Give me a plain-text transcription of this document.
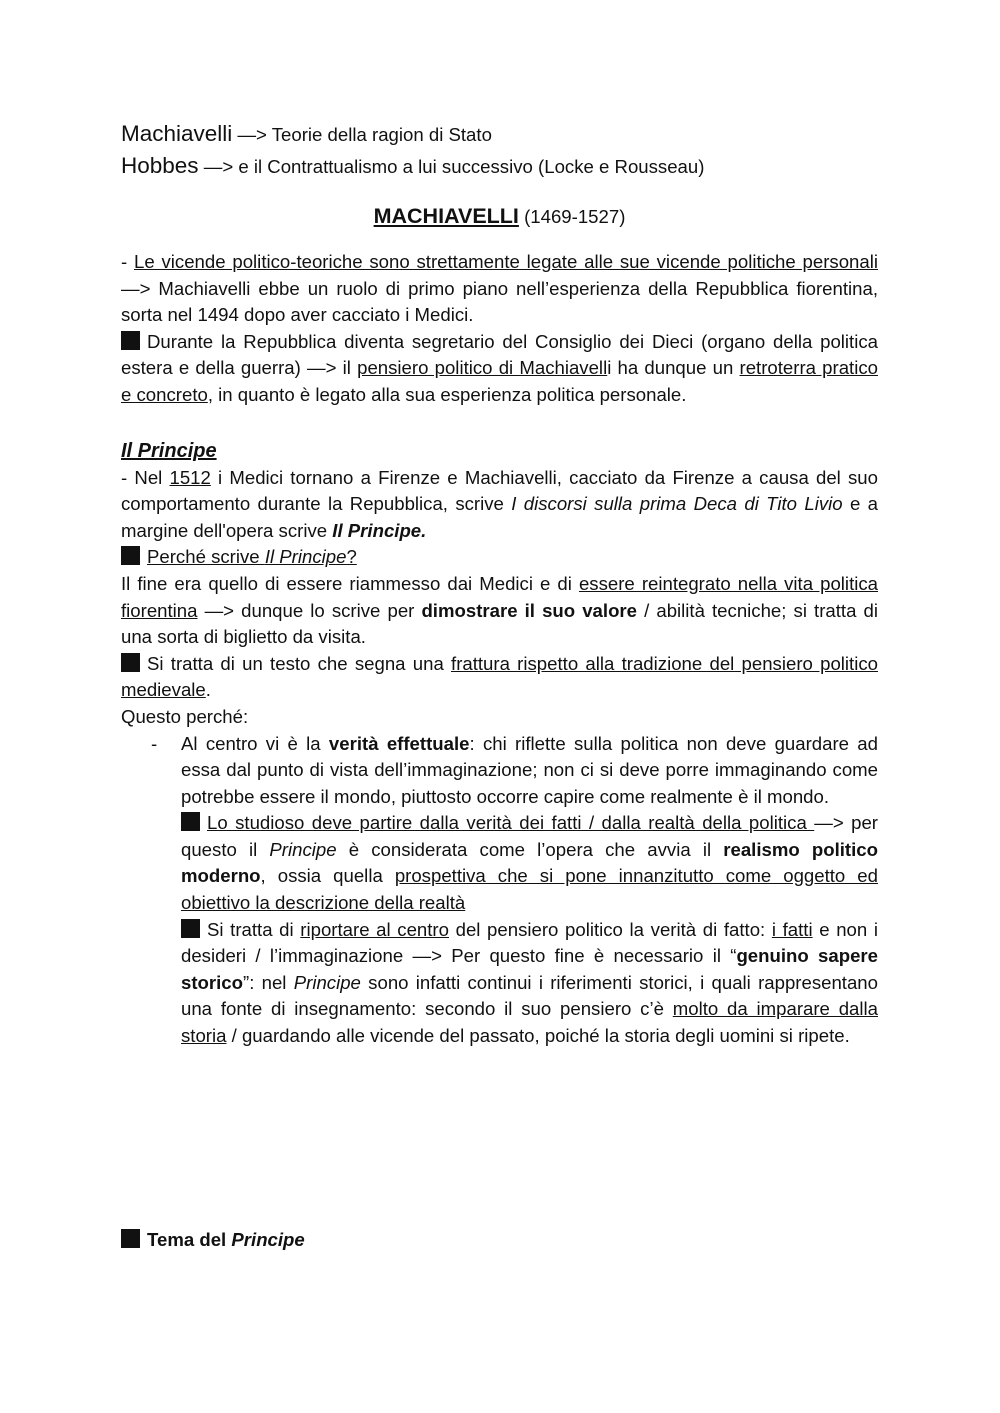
Machiavelli —> Teorie della ragion di Stato
Hobbes —> e il Contrattualismo a lui successivo (Locke e Rousseau)
MACHIAVELLI (1469-1527)

- Le vicende politico-teoriche sono strettamente legate alle sue vicende politiche personali —> Machiavelli ebbe un ruolo di primo piano nell’esperienza della Repubblica fiorentina, sorta nel 1494 dopo aver cacciato i Medici.

Durante la Repubblica diventa segretario del Consiglio dei Dieci (organo della politica estera e della guerra) —> il pensiero politico di Machiavelli ha dunque un retroterra pratico e concreto, in quanto è legato alla sua esperienza politica personale.

Il Principe

- Nel 1512 i Medici tornano a Firenze e Machiavelli, cacciato da Firenze a causa del suo comportamento durante la Repubblica, scrive I discorsi sulla prima Deca di Tito Livio e a margine dell'opera scrive Il Principe.

Perché scrive Il Principe?

Il fine era quello di essere riammesso dai Medici e di essere reintegrato nella vita politica fiorentina —> dunque lo scrive per dimostrare il suo valore / abilità tecniche; si tratta di una sorta di biglietto da visita.

Si tratta di un testo che segna una frattura rispetto alla tradizione del pensiero politico medievale.

Questo perché:

- Al centro vi è la verità effettuale: chi riflette sulla politica non deve guardare ad essa dal punto di vista dell’immaginazione; non ci si deve porre immaginando come potrebbe essere il mondo, piuttosto occorre capire come realmente è il mondo.

Lo studioso deve partire dalla verità dei fatti / dalla realtà della politica —> per questo il Principe è considerata come l’opera che avvia il realismo politico moderno, ossia quella prospettiva che si pone innanzitutto come oggetto ed obiettivo la descrizione della realtà

Si tratta di riportare al centro del pensiero politico la verità di fatto: i fatti e non i desideri / l’immaginazione —> Per questo fine è necessario il “genuino sapere storico”: nel Principe sono infatti continui i riferimenti storici, i quali rappresentano una fonte di insegnamento: secondo il suo pensiero c’è molto da imparare dalla storia / guardando alle vicende del passato, poiché la storia degli uomini si ripete.

Tema del Principe
